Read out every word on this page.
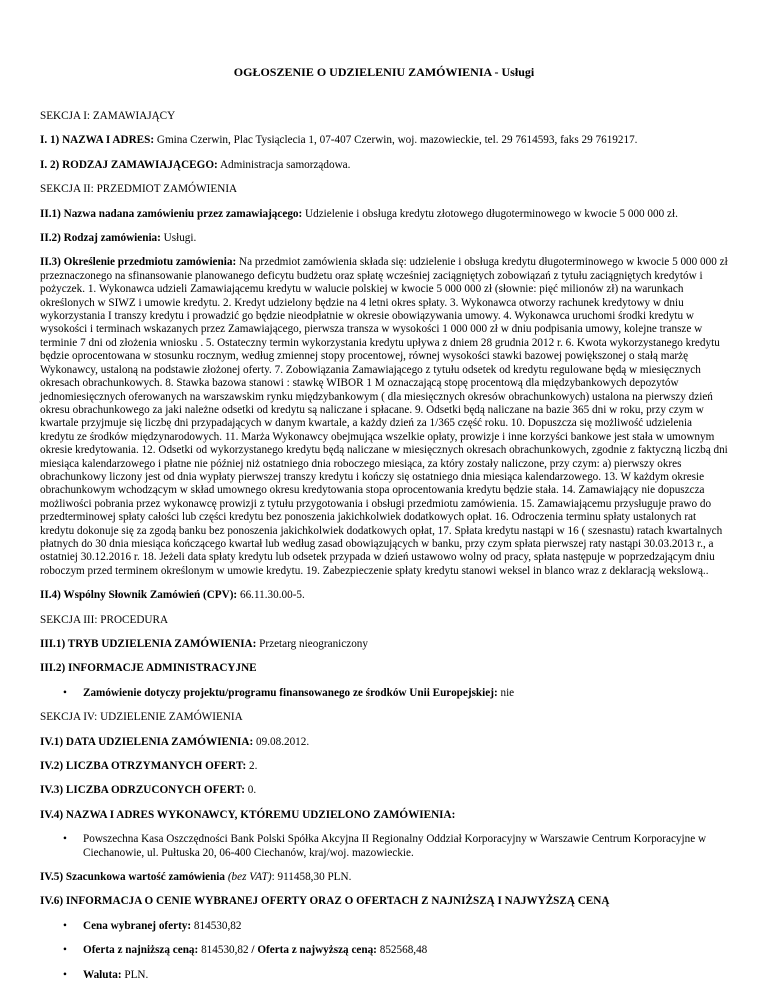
OGŁOSZENIE O UDZIELENIU ZAMÓWIENIA - Usługi

SEKCJA I: ZAMAWIAJĄCY

I. 1) NAZWA I ADRES: Gmina Czerwin, Plac Tysiąclecia 1, 07-407 Czerwin, woj. mazowieckie, tel. 29 7614593, faks 29 7619217.

I. 2) RODZAJ ZAMAWIAJĄCEGO: Administracja samorządowa.

SEKCJA II: PRZEDMIOT ZAMÓWIENIA

II.1) Nazwa nadana zamówieniu przez zamawiającego: Udzielenie i obsługa kredytu złotowego długoterminowego w kwocie 5 000 000 zł.

II.2) Rodzaj zamówienia: Usługi.

II.3) Określenie przedmiotu zamówienia: Na przedmiot zamówienia składa się: udzielenie i obsługa kredytu długoterminowego w kwocie 5 000 000 zł przeznaczonego na sfinansowanie planowanego deficytu budżetu oraz spłatę wcześniej zaciągniętych zobowiązań z tytułu zaciągniętych kredytów i pożyczek. 1. Wykonawca udzieli Zamawiającemu kredytu w walucie polskiej w kwocie 5 000 000 zł (słownie: pięć milionów zł) na warunkach określonych w SIWZ i umowie kredytu. 2. Kredyt udzielony będzie na 4 letni okres spłaty. 3. Wykonawca otworzy rachunek kredytowy w dniu wykorzystania I transzy kredytu i prowadzić go będzie nieodpłatnie w okresie obowiązywania umowy. 4. Wykonawca uruchomi środki kredytu w wysokości i terminach wskazanych przez Zamawiającego, pierwsza transza w wysokości 1 000 000 zł w dniu podpisania umowy, kolejne transze w terminie 7 dni od złożenia wniosku . 5. Ostateczny termin wykorzystania kredytu upływa z dniem 28 grudnia 2012 r. 6. Kwota wykorzystanego kredytu będzie oprocentowana w stosunku rocznym, według zmiennej stopy procentowej, równej wysokości stawki bazowej powiększonej o stałą marżę Wykonawcy, ustaloną na podstawie złożonej oferty. 7. Zobowiązania Zamawiającego z tytułu odsetek od kredytu regulowane będą w miesięcznych okresach obrachunkowych. 8. Stawka bazowa stanowi : stawkę WIBOR 1 M oznaczającą stopę procentową dla międzybankowych depozytów jednomiesięcznych oferowanych na warszawskim rynku międzybankowym ( dla miesięcznych okresów obrachunkowych) ustalona na pierwszy dzień okresu obrachunkowego za jaki należne odsetki od kredytu są naliczane i spłacane. 9. Odsetki będą naliczane na bazie 365 dni w roku, przy czym w kwartale przyjmuje się liczbę dni przypadających w danym kwartale, a każdy dzień za 1/365 część roku. 10. Dopuszcza się możliwość udzielenia kredytu ze środków międzynarodowych. 11. Marża Wykonawcy obejmująca wszelkie opłaty, prowizje i inne korzyści bankowe jest stała w umownym okresie kredytowania. 12. Odsetki od wykorzystanego kredytu będą naliczane w miesięcznych okresach obrachunkowych, zgodnie z faktyczną liczbą dni miesiąca kalendarzowego i płatne nie później niż ostatniego dnia roboczego miesiąca, za który zostały naliczone, przy czym: a) pierwszy okres obrachunkowy liczony jest od dnia wypłaty pierwszej transzy kredytu i kończy się ostatniego dnia miesiąca kalendarzowego. 13. W każdym okresie obrachunkowym wchodzącym w skład umownego okresu kredytowania stopa oprocentowania kredytu będzie stała. 14. Zamawiający nie dopuszcza możliwości pobrania przez wykonawcę prowizji z tytułu przygotowania i obsługi przedmiotu zamówienia. 15. Zamawiającemu przysługuje prawo do przedterminowej spłaty całości lub części kredytu bez ponoszenia jakichkolwiek dodatkowych opłat. 16. Odroczenia terminu spłaty ustalonych rat kredytu dokonuje się za zgodą banku bez ponoszenia jakichkolwiek dodatkowych opłat, 17. Spłata kredytu nastąpi w 16 ( szesnastu) ratach kwartalnych płatnych do 30 dnia miesiąca kończącego kwartał lub według zasad obowiązujących w banku, przy czym spłata pierwszej raty nastąpi 30.03.2013 r., a ostatniej 30.12.2016 r. 18. Jeżeli data spłaty kredytu lub odsetek przypada w dzień ustawowo wolny od pracy, spłata następuje w poprzedzającym dniu roboczym przed terminem określonym w umowie kredytu. 19. Zabezpieczenie spłaty kredytu stanowi weksel in blanco wraz z deklaracją wekslową..

II.4) Wspólny Słownik Zamówień (CPV): 66.11.30.00-5.

SEKCJA III: PROCEDURA

III.1) TRYB UDZIELENIA ZAMÓWIENIA: Przetarg nieograniczony

III.2) INFORMACJE ADMINISTRACYJNE

• Zamówienie dotyczy projektu/programu finansowanego ze środków Unii Europejskiej: nie

SEKCJA IV: UDZIELENIE ZAMÓWIENIA

IV.1) DATA UDZIELENIA ZAMÓWIENIA: 09.08.2012.

IV.2) LICZBA OTRZYMANYCH OFERT: 2.

IV.3) LICZBA ODRZUCONYCH OFERT: 0.

IV.4) NAZWA I ADRES WYKONAWCY, KTÓREMU UDZIELONO ZAMÓWIENIA:

• Powszechna Kasa Oszczędności Bank Polski Spółka Akcyjna II Regionalny Oddział Korporacyjny w Warszawie Centrum Korporacyjne w Ciechanowie, ul. Pułtuska 20, 06-400 Ciechanów, kraj/woj. mazowieckie.

IV.5) Szacunkowa wartość zamówienia (bez VAT): 911458,30 PLN.

IV.6) INFORMACJA O CENIE WYBRANEJ OFERTY ORAZ O OFERTACH Z NAJNIŻSZĄ I NAJWYŻSZĄ CENĄ

• Cena wybranej oferty: 814530,82
• Oferta z najniższą ceną: 814530,82 / Oferta z najwyższą ceną: 852568,48
• Waluta: PLN.
